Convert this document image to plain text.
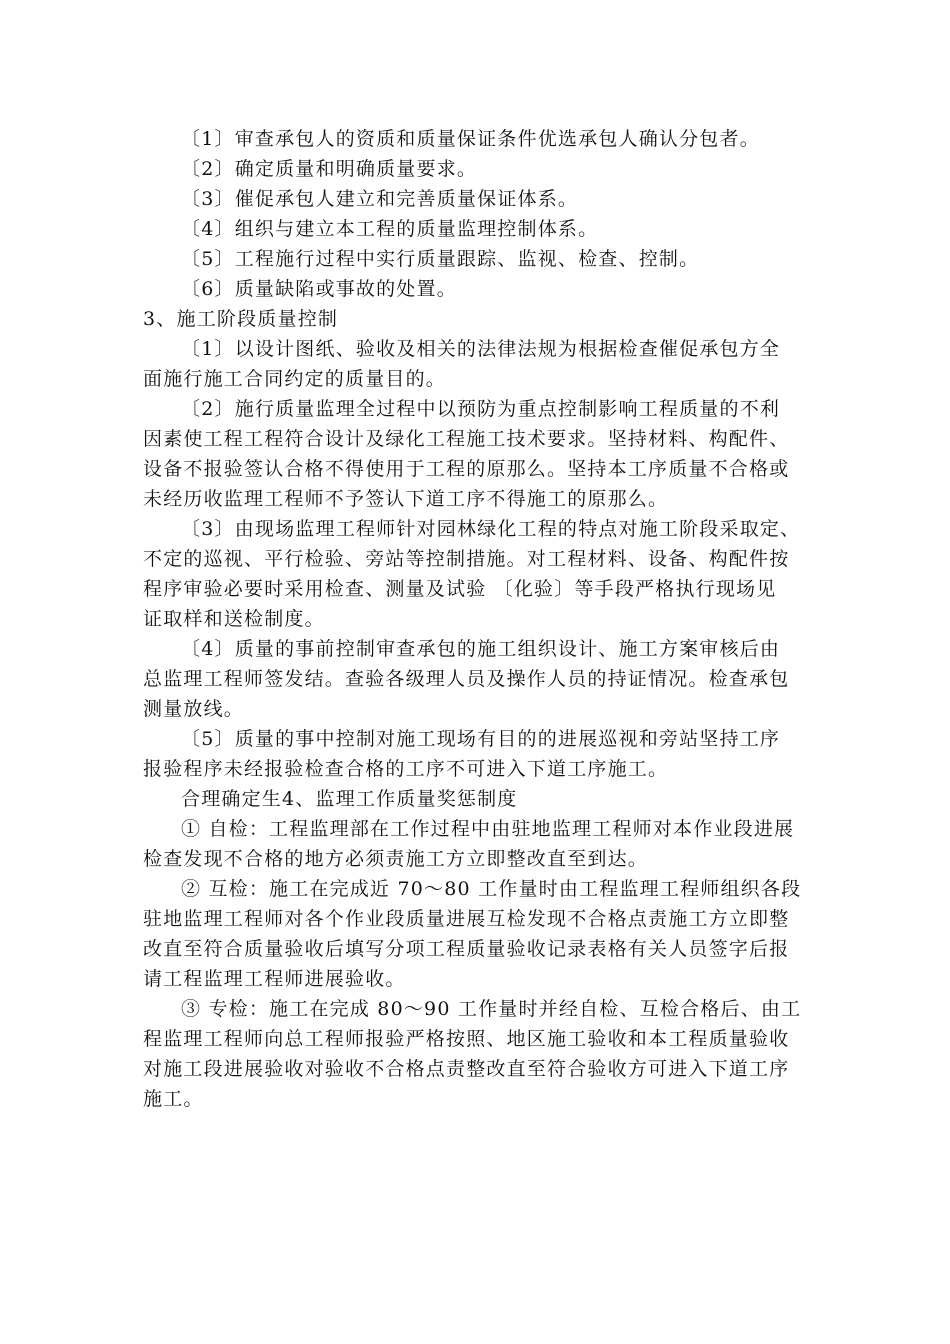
〔1〕审查承包人的资质和质量保证条件优选承包人确认分包者。
〔2〕确定质量和明确质量要求。
〔3〕催促承包人建立和完善质量保证体系。
〔4〕组织与建立本工程的质量监理控制体系。
〔5〕工程施行过程中实行质量跟踪、监视、检查、控制。
〔6〕质量缺陷或事故的处置。
3、施工阶段质量控制
〔1〕以设计图纸、验收及相关的法律法规为根据检查催促承包方全
面施行施工合同约定的质量目的。
〔2〕施行质量监理全过程中以预防为重点控制影响工程质量的不利
因素使工程工程符合设计及绿化工程施工技术要求。坚持材料、构配件、
设备不报验签认合格不得使用于工程的原那么。坚持本工序质量不合格或
未经历收监理工程师不予签认下道工序不得施工的原那么。
〔3〕由现场监理工程师针对园林绿化工程的特点对施工阶段采取定、
不定的巡视、平行检验、旁站等控制措施。对工程材料、设备、构配件按
程序审验必要时采用检查、测量及试验 〔化验〕等手段严格执行现场见
证取样和送检制度。
〔4〕质量的事前控制审查承包的施工组织设计、施工方案审核后由
总监理工程师签发结。查验各级理人员及操作人员的持证情况。检查承包
测量放线。
〔5〕质量的事中控制对施工现场有目的的进展巡视和旁站坚持工序
报验程序未经报验检查合格的工序不可进入下道工序施工。
合理确定生4、监理工作质量奖惩制度
① 自检：工程监理部在工作过程中由驻地监理工程师对本作业段进展
检查发现不合格的地方必须责施工方立即整改直至到达。
② 互检：施工在完成近 70～80 工作量时由工程监理工程师组织各段
驻地监理工程师对各个作业段质量进展互检发现不合格点责施工方立即整
改直至符合质量验收后填写分项工程质量验收记录表格有关人员签字后报
请工程监理工程师进展验收。
③ 专检：施工在完成 80～90 工作量时并经自检、互检合格后、由工
程监理工程师向总工程师报验严格按照、地区施工验收和本工程质量验收
对施工段进展验收对验收不合格点责整改直至符合验收方可进入下道工序
施工。
